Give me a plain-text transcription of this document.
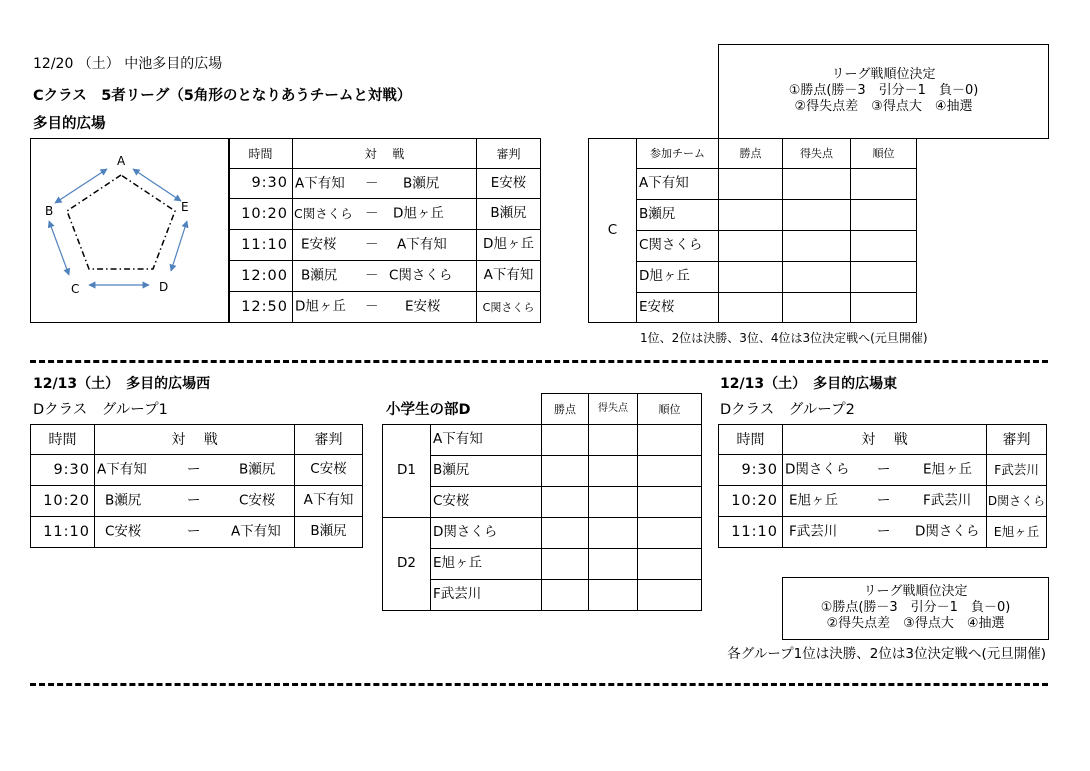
12/20 （土） 中池多目的広場
Cクラス　5者リーグ（5角形のとなりあうチームと対戦）
多目的広場
リーグ戦順位決定
①勝点(勝－3　引分－1　負－0)
②得失点差　③得点大　④抽選
A
B
C	D
E
時間	対　 戦	審判
9:30	A下有知 － B瀬尻	E安桜
10:20	C関さくら － D旭ヶ丘	B瀬尻
11:10	E安桜 － A下有知	D旭ヶ丘
12:00	B瀬尻 － C関さくら	A下有知
12:50	D旭ヶ丘 － E安桜	C関さくら
C	参加チーム	勝点	得失点	順位
	A下有知			
	B瀬尻			
	C関さくら			
	D旭ヶ丘			
	E安桜			
1位、2位は決勝、3位、4位は3位決定戦へ(元旦開催)
12/13（土）　多目的広場西
Dクラス　グループ1
時間	対　 戦	審判
9:30	A下有知 ー B瀬尻	C安桜
10:20	B瀬尻 ー C安桜	A下有知
11:10	C安桜 ー A下有知	B瀬尻
小学生の部D	勝点	得失点	順位
D1	A下有知			
	B瀬尻			
	C安桜			
D2	D関さくら			
	E旭ヶ丘			
	F武芸川			
12/13（土）　多目的広場東
Dクラス　グループ2
時間	対　 戦	審判
9:30	D関さくら ー E旭ヶ丘	F武芸川
10:20	E旭ヶ丘 ー F武芸川	D関さくら
11:10	F武芸川 ー D関さくら	E旭ヶ丘
リーグ戦順位決定
①勝点(勝－3　引分－1　負－0)
②得失点差　③得点大　④抽選
各グループ1位は決勝、2位は3位決定戦へ(元旦開催)
